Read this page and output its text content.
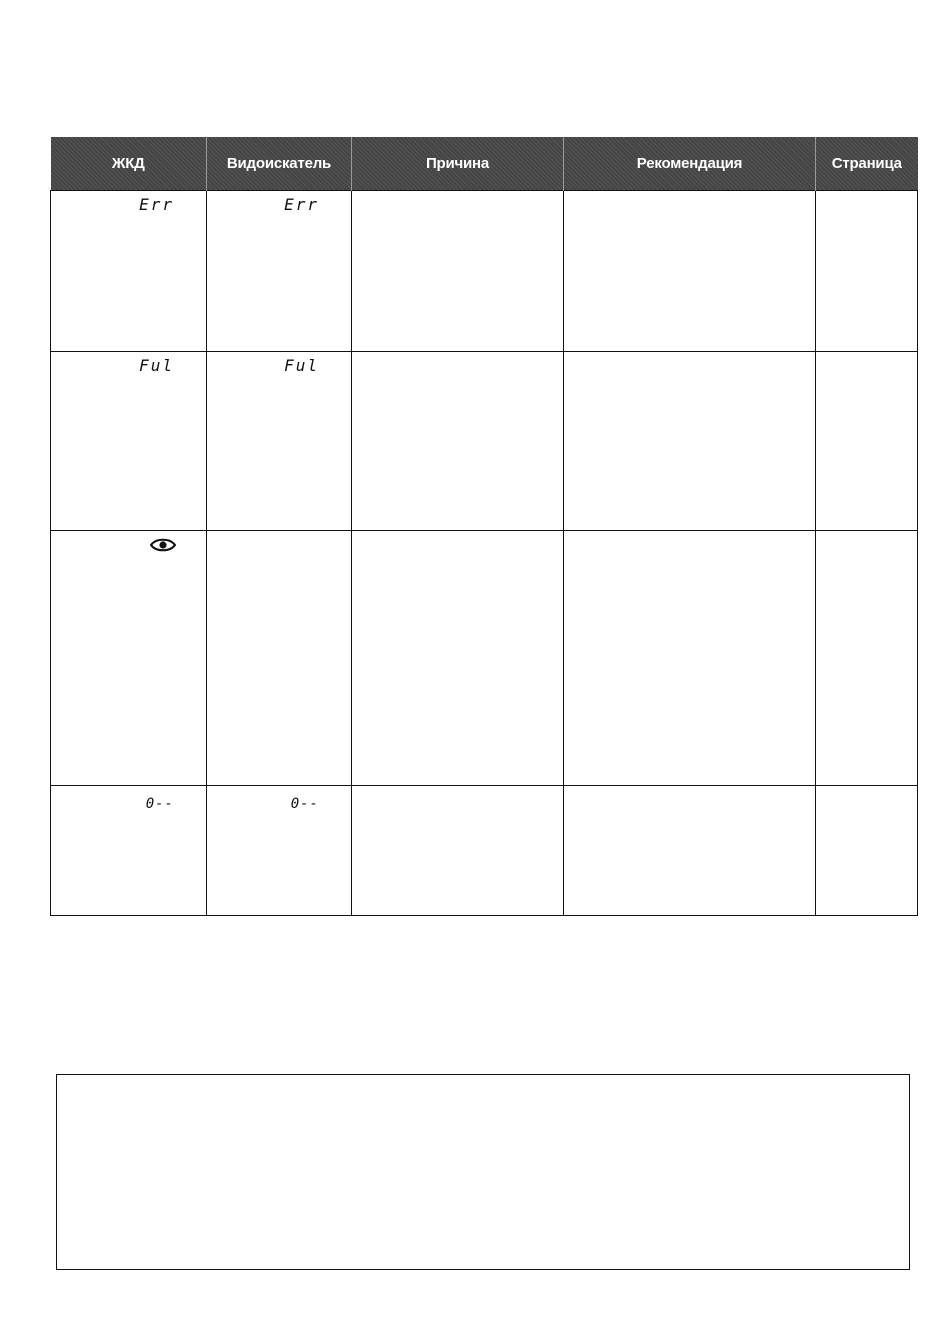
ЖКД	Видоискатель	Причина	Рекомендация	Страница

Err	Err			

Ful	Ful			

0--	0--			
